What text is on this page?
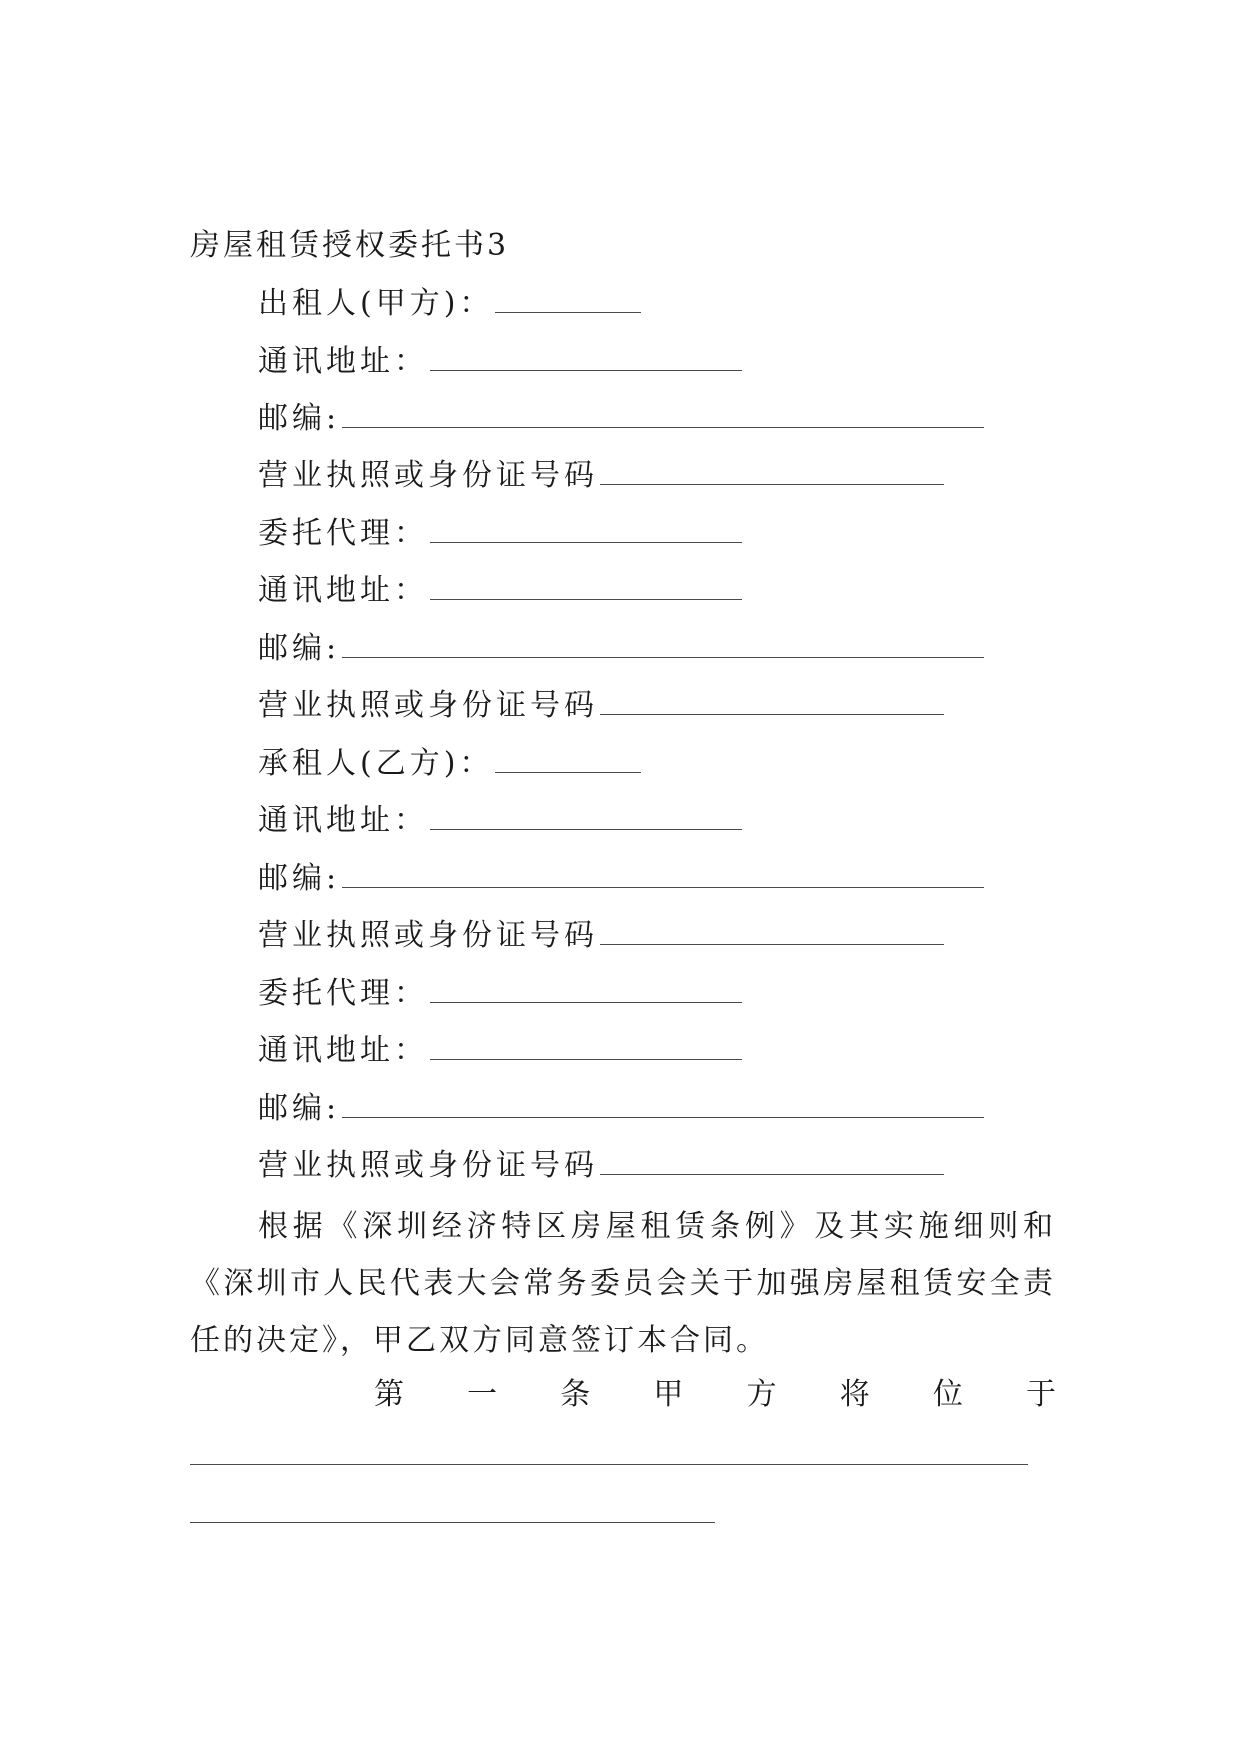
房屋租赁授权委托书3
出租人(甲方)：
通讯地址：
邮编:
营业执照或身份证号码
委托代理：
通讯地址：
邮编:
营业执照或身份证号码
承租人(乙方)：
通讯地址：
邮编:
营业执照或身份证号码
委托代理：
通讯地址：
邮编:
营业执照或身份证号码
根据《深圳经济特区房屋租赁条例》及其实施细则和《深圳市人民代表大会常务委员会关于加强房屋租赁安全责任的决定》，甲乙双方同意签订本合同。
第 一 条 甲 方 将 位 于
